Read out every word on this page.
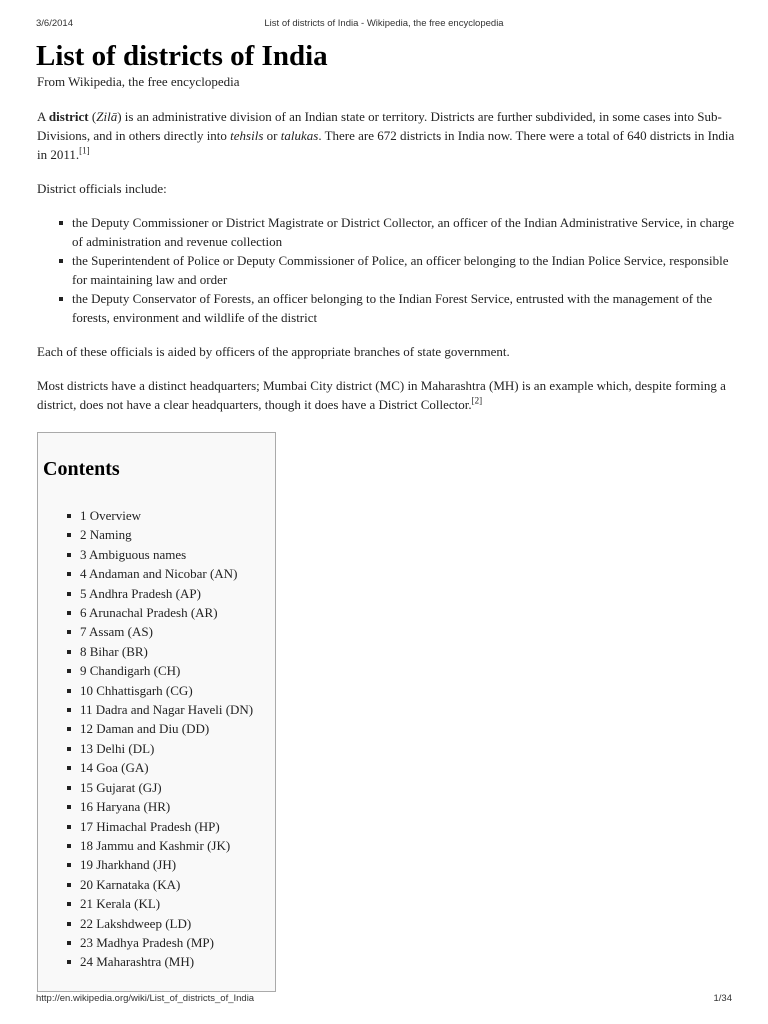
3/6/2014	List of districts of India - Wikipedia, the free encyclopedia
List of districts of India
From Wikipedia, the free encyclopedia

A district (Zilā) is an administrative division of an Indian state or territory. Districts are further subdivided, in some cases into Sub-Divisions, and in others directly into tehsils or talukas. There are 672 districts in India now. There were a total of 640 districts in India in 2011.[1]

District officials include:

the Deputy Commissioner or District Magistrate or District Collector, an officer of the Indian Administrative Service, in charge of administration and revenue collection
the Superintendent of Police or Deputy Commissioner of Police, an officer belonging to the Indian Police Service, responsible for maintaining law and order
the Deputy Conservator of Forests, an officer belonging to the Indian Forest Service, entrusted with the management of the forests, environment and wildlife of the district

Each of these officials is aided by officers of the appropriate branches of state government.

Most districts have a distinct headquarters; Mumbai City district (MC) in Maharashtra (MH) is an example which, despite forming a district, does not have a clear headquarters, though it does have a District Collector.[2]

Contents
1 Overview
2 Naming
3 Ambiguous names
4 Andaman and Nicobar (AN)
5 Andhra Pradesh (AP)
6 Arunachal Pradesh (AR)
7 Assam (AS)
8 Bihar (BR)
9 Chandigarh (CH)
10 Chhattisgarh (CG)
11 Dadra and Nagar Haveli (DN)
12 Daman and Diu (DD)
13 Delhi (DL)
14 Goa (GA)
15 Gujarat (GJ)
16 Haryana (HR)
17 Himachal Pradesh (HP)
18 Jammu and Kashmir (JK)
19 Jharkhand (JH)
20 Karnataka (KA)
21 Kerala (KL)
22 Lakshdweep (LD)
23 Madhya Pradesh (MP)
24 Maharashtra (MH)
http://en.wikipedia.org/wiki/List_of_districts_of_India	1/34
